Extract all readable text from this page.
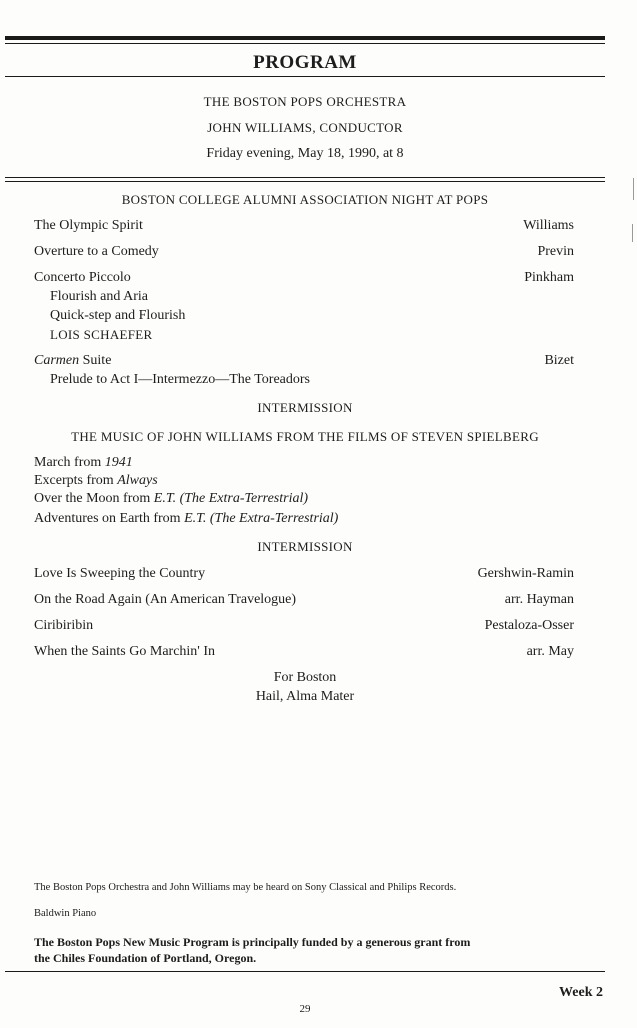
PROGRAM
THE BOSTON POPS ORCHESTRA
JOHN WILLIAMS, CONDUCTOR
Friday evening, May 18, 1990, at 8
BOSTON COLLEGE ALUMNI ASSOCIATION NIGHT AT POPS
The Olympic Spirit	Williams
Overture to a Comedy	Previn
Concerto Piccolo	Pinkham
Flourish and Aria
Quick-step and Flourish
LOIS SCHAEFER
Carmen Suite	Bizet
Prelude to Act I—Intermezzo—The Toreadors
INTERMISSION
THE MUSIC OF JOHN WILLIAMS FROM THE FILMS OF STEVEN SPIELBERG
March from 1941
Excerpts from Always
Over the Moon from E.T. (The Extra-Terrestrial)
Adventures on Earth from E.T. (The Extra-Terrestrial)
INTERMISSION
Love Is Sweeping the Country	Gershwin-Ramin
On the Road Again (An American Travelogue)	arr. Hayman
Ciribiribin	Pestaloza-Osser
When the Saints Go Marchin' In	arr. May
For Boston
Hail, Alma Mater
The Boston Pops Orchestra and John Williams may be heard on Sony Classical and Philips Records.
Baldwin Piano
The Boston Pops New Music Program is principally funded by a generous grant from
the Chiles Foundation of Portland, Oregon.
Week 2
29
